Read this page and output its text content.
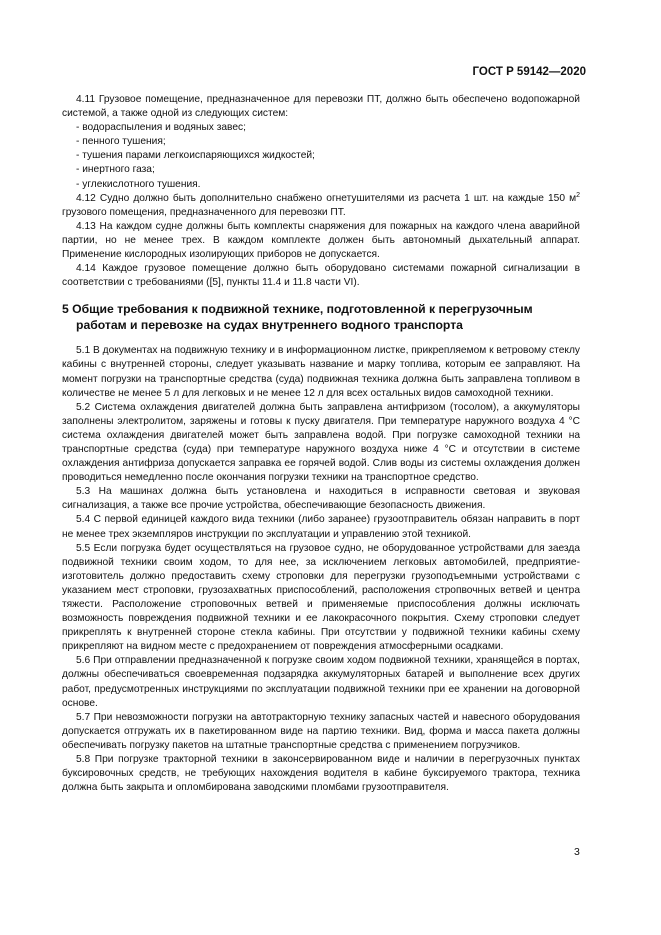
ГОСТ Р 59142—2020

4.11 Грузовое помещение, предназначенное для перевозки ПТ, должно быть обеспечено водопожарной системой, а также одной из следующих систем:

- водораспыления и водяных завес;

- пенного тушения;

- тушения парами легкоиспаряющихся жидкостей;

- инертного газа;

- углекислотного тушения.

4.12 Судно должно быть дополнительно снабжено огнетушителями из расчета 1 шт. на каждые 150 $м^2$ грузового помещения, предназначенного для перевозки ПТ.

4.13 На каждом судне должны быть комплекты снаряжения для пожарных на каждого члена аварийной партии, но не менее трех. В каждом комплекте должен быть автономный дыхательный аппарат. Применение кислородных изолирующих приборов не допускается.

4.14 Каждое грузовое помещение должно быть оборудовано системами пожарной сигнализации в соответствии с требованиями ([5], пункты 11.4 и 11.8 части VI).

5 Общие требования к подвижной технике, подготовленной к перегрузочным работам и перевозке на судах внутреннего водного транспорта

5.1 В документах на подвижную технику и в информационном листке, прикрепляемом к ветровому стеклу кабины с внутренней стороны, следует указывать название и марку топлива, которым ее заправляют. На момент погрузки на транспортные средства (суда) подвижная техника должна быть заправлена топливом в количестве не менее 5 л для легковых и не менее 12 л для всех остальных видов самоходной техники.

5.2 Система охлаждения двигателей должна быть заправлена антифризом (тосолом), а аккумуляторы заполнены электролитом, заряжены и готовы к пуску двигателя. При температуре наружного воздуха 4 °С система охлаждения двигателей может быть заправлена водой. При погрузке самоходной техники на транспортные средства (суда) при температуре наружного воздуха ниже 4 °С и отсутствии в системе охлаждения антифриза допускается заправка ее горячей водой. Слив воды из системы охлаждения должен проводиться немедленно после окончания погрузки техники на транспортное средство.

5.3 На машинах должна быть установлена и находиться в исправности световая и звуковая сигнализация, а также все прочие устройства, обеспечивающие безопасность движения.

5.4 С первой единицей каждого вида техники (либо заранее) грузоотправитель обязан направить в порт не менее трех экземпляров инструкции по эксплуатации и управлению этой техникой.

5.5 Если погрузка будет осуществляться на грузовое судно, не оборудованное устройствами для заезда подвижной техники своим ходом, то для нее, за исключением легковых автомобилей, предприятие-изготовитель должно предоставить схему строповки для перегрузки грузоподъемными устройствами с указанием мест строповки, грузозахватных приспособлений, расположения стропвочных ветвей и центра тяжести. Расположение строповочных ветвей и применяемые приспособления должны исключать возможность повреждения подвижной техники и ее лакокрасочного покрытия. Схему строповки следует прикреплять к внутренней стороне стекла кабины. При отсутствии у подвижной техники кабины схему прикрепляют на видном месте с предохранением от повреждения атмосферными осадками.

5.6 При отправлении предназначенной к погрузке своим ходом подвижной техники, хранящейся в портах, должны обеспечиваться своевременная подзарядка аккумуляторных батарей и выполнение всех других работ, предусмотренных инструкциями по эксплуатации подвижной техники при ее хранении на договорной основе.

5.7 При невозможности погрузки на автотракторную технику запасных частей и навесного оборудования допускается отгружать их в пакетированном виде на партию техники. Вид, форма и масса пакета должны обеспечивать погрузку пакетов на штатные транспортные средства с применением погрузчиков.

5.8 При погрузке тракторной техники в законсервированном виде и наличии в перегрузочных пунктах буксировочных средств, не требующих нахождения водителя в кабине буксируемого трактора, техника должна быть закрыта и опломбирована заводскими пломбами грузоотправителя.

3
